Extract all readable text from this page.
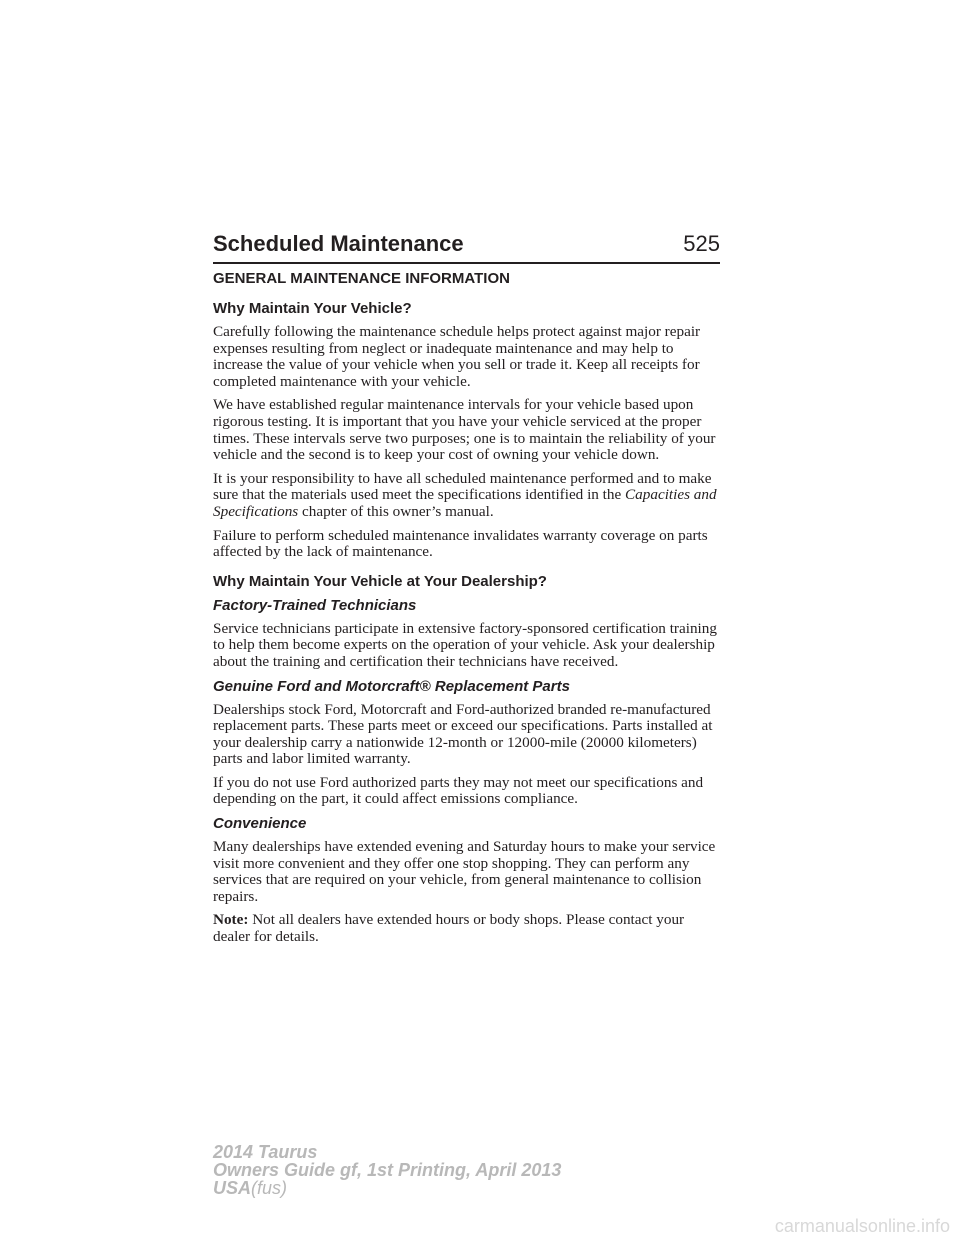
Scheduled Maintenance	525
GENERAL MAINTENANCE INFORMATION
Why Maintain Your Vehicle?

Carefully following the maintenance schedule helps protect against major repair expenses resulting from neglect or inadequate maintenance and may help to increase the value of your vehicle when you sell or trade it. Keep all receipts for completed maintenance with your vehicle.

We have established regular maintenance intervals for your vehicle based upon rigorous testing. It is important that you have your vehicle serviced at the proper times. These intervals serve two purposes; one is to maintain the reliability of your vehicle and the second is to keep your cost of owning your vehicle down.

It is your responsibility to have all scheduled maintenance performed and to make sure that the materials used meet the specifications identified in the Capacities and Specifications chapter of this owner’s manual.

Failure to perform scheduled maintenance invalidates warranty coverage on parts affected by the lack of maintenance.

Why Maintain Your Vehicle at Your Dealership?
Factory-Trained Technicians

Service technicians participate in extensive factory-sponsored certification training to help them become experts on the operation of your vehicle. Ask your dealership about the training and certification their technicians have received.

Genuine Ford and Motorcraft® Replacement Parts

Dealerships stock Ford, Motorcraft and Ford-authorized branded re-manufactured replacement parts. These parts meet or exceed our specifications. Parts installed at your dealership carry a nationwide 12-month or 12000-mile (20000 kilometers) parts and labor limited warranty.

If you do not use Ford authorized parts they may not meet our specifications and depending on the part, it could affect emissions compliance.

Convenience

Many dealerships have extended evening and Saturday hours to make your service visit more convenient and they offer one stop shopping. They can perform any services that are required on your vehicle, from general maintenance to collision repairs.

Note: Not all dealers have extended hours or body shops. Please contact your dealer for details.

2014 Taurus
Owners Guide gf, 1st Printing, April 2013
USA(fus)
carmanualsonline.info
